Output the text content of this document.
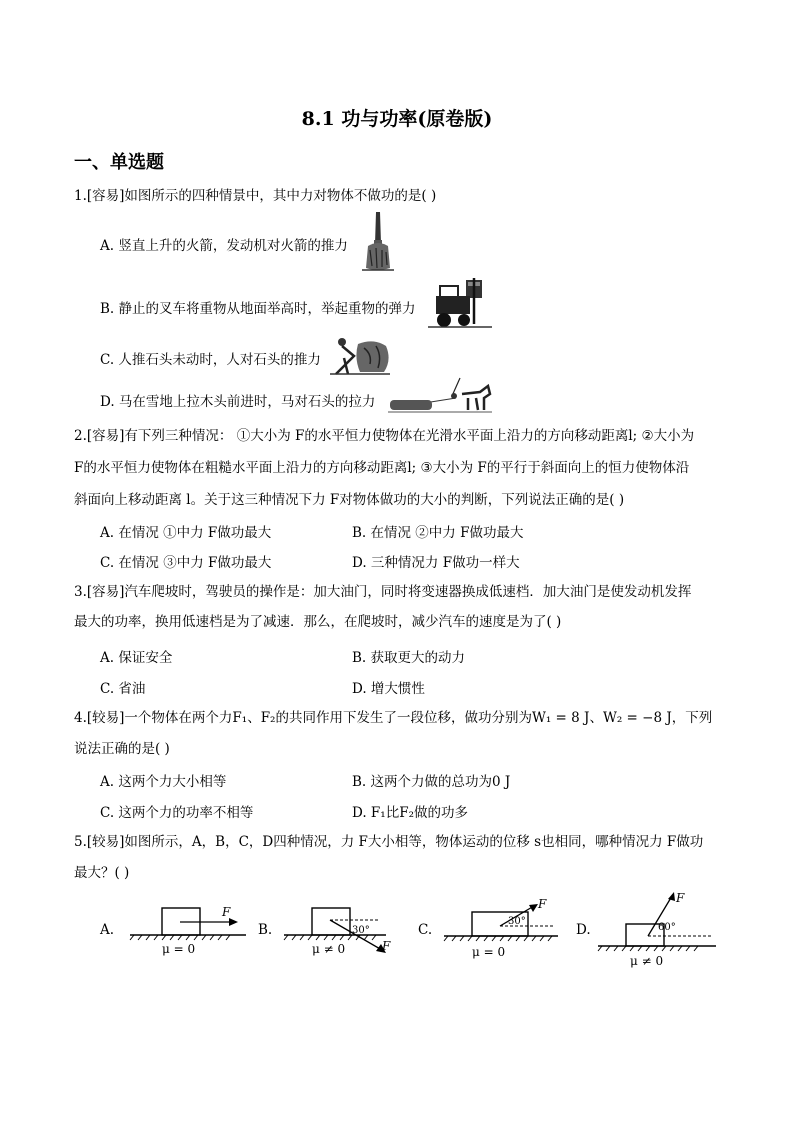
8.1 功与功率(原卷版)
一、单选题
1.[容易]如图所示的四种情景中，其中力对物体不做功的是( )
A. 竖直上升的火箭，发动机对火箭的推力
B. 静止的叉车将重物从地面举高时，举起重物的弹力
C. 人推石头未动时，人对石头的推力
D. 马在雪地上拉木头前进时，马对石头的拉力
2.[容易]有下列三种情况： ①大小为 F的水平恒力使物体在光滑水平面上沿力的方向移动距离l; ②大小为
F的水平恒力使物体在粗糙水平面上沿力的方向移动距离l; ③大小为 F的平行于斜面向上的恒力使物体沿
斜面向上移动距离 l。关于这三种情况下力 F对物体做功的大小的判断，下列说法正确的是( )
A. 在情况 ①中力 F做功最大	B. 在情况 ②中力 F做功最大
C. 在情况 ③中力 F做功最大	D. 三种情况力 F做功一样大
3.[容易]汽车爬坡时，驾驶员的操作是：加大油门，同时将变速器换成低速档．加大油门是使发动机发挥
最大的功率，换用低速档是为了减速．那么，在爬坡时，减少汽车的速度是为了( )
A. 保证安全	B. 获取更大的动力
C. 省油	D. 增大惯性
4.[较易]一个物体在两个力F₁、F₂的共同作用下发生了一段位移，做功分别为W₁ = 8 J、W₂ = −8 J，下列
说法正确的是( )
A. 这两个力大小相等	B. 这两个力做的总功为0 J
C. 这两个力的功率不相等	D. F₁比F₂做的功多
5.[较易]如图所示，A，B，C，D四种情况，力 F大小相等，物体运动的位移 s也相同，哪种情况力 F做功
最大？( )
A.
F
μ = 0
B.	30°
F
μ ≠ 0
C.
30°
F
μ = 0
D.	60°
F
μ ≠ 0
